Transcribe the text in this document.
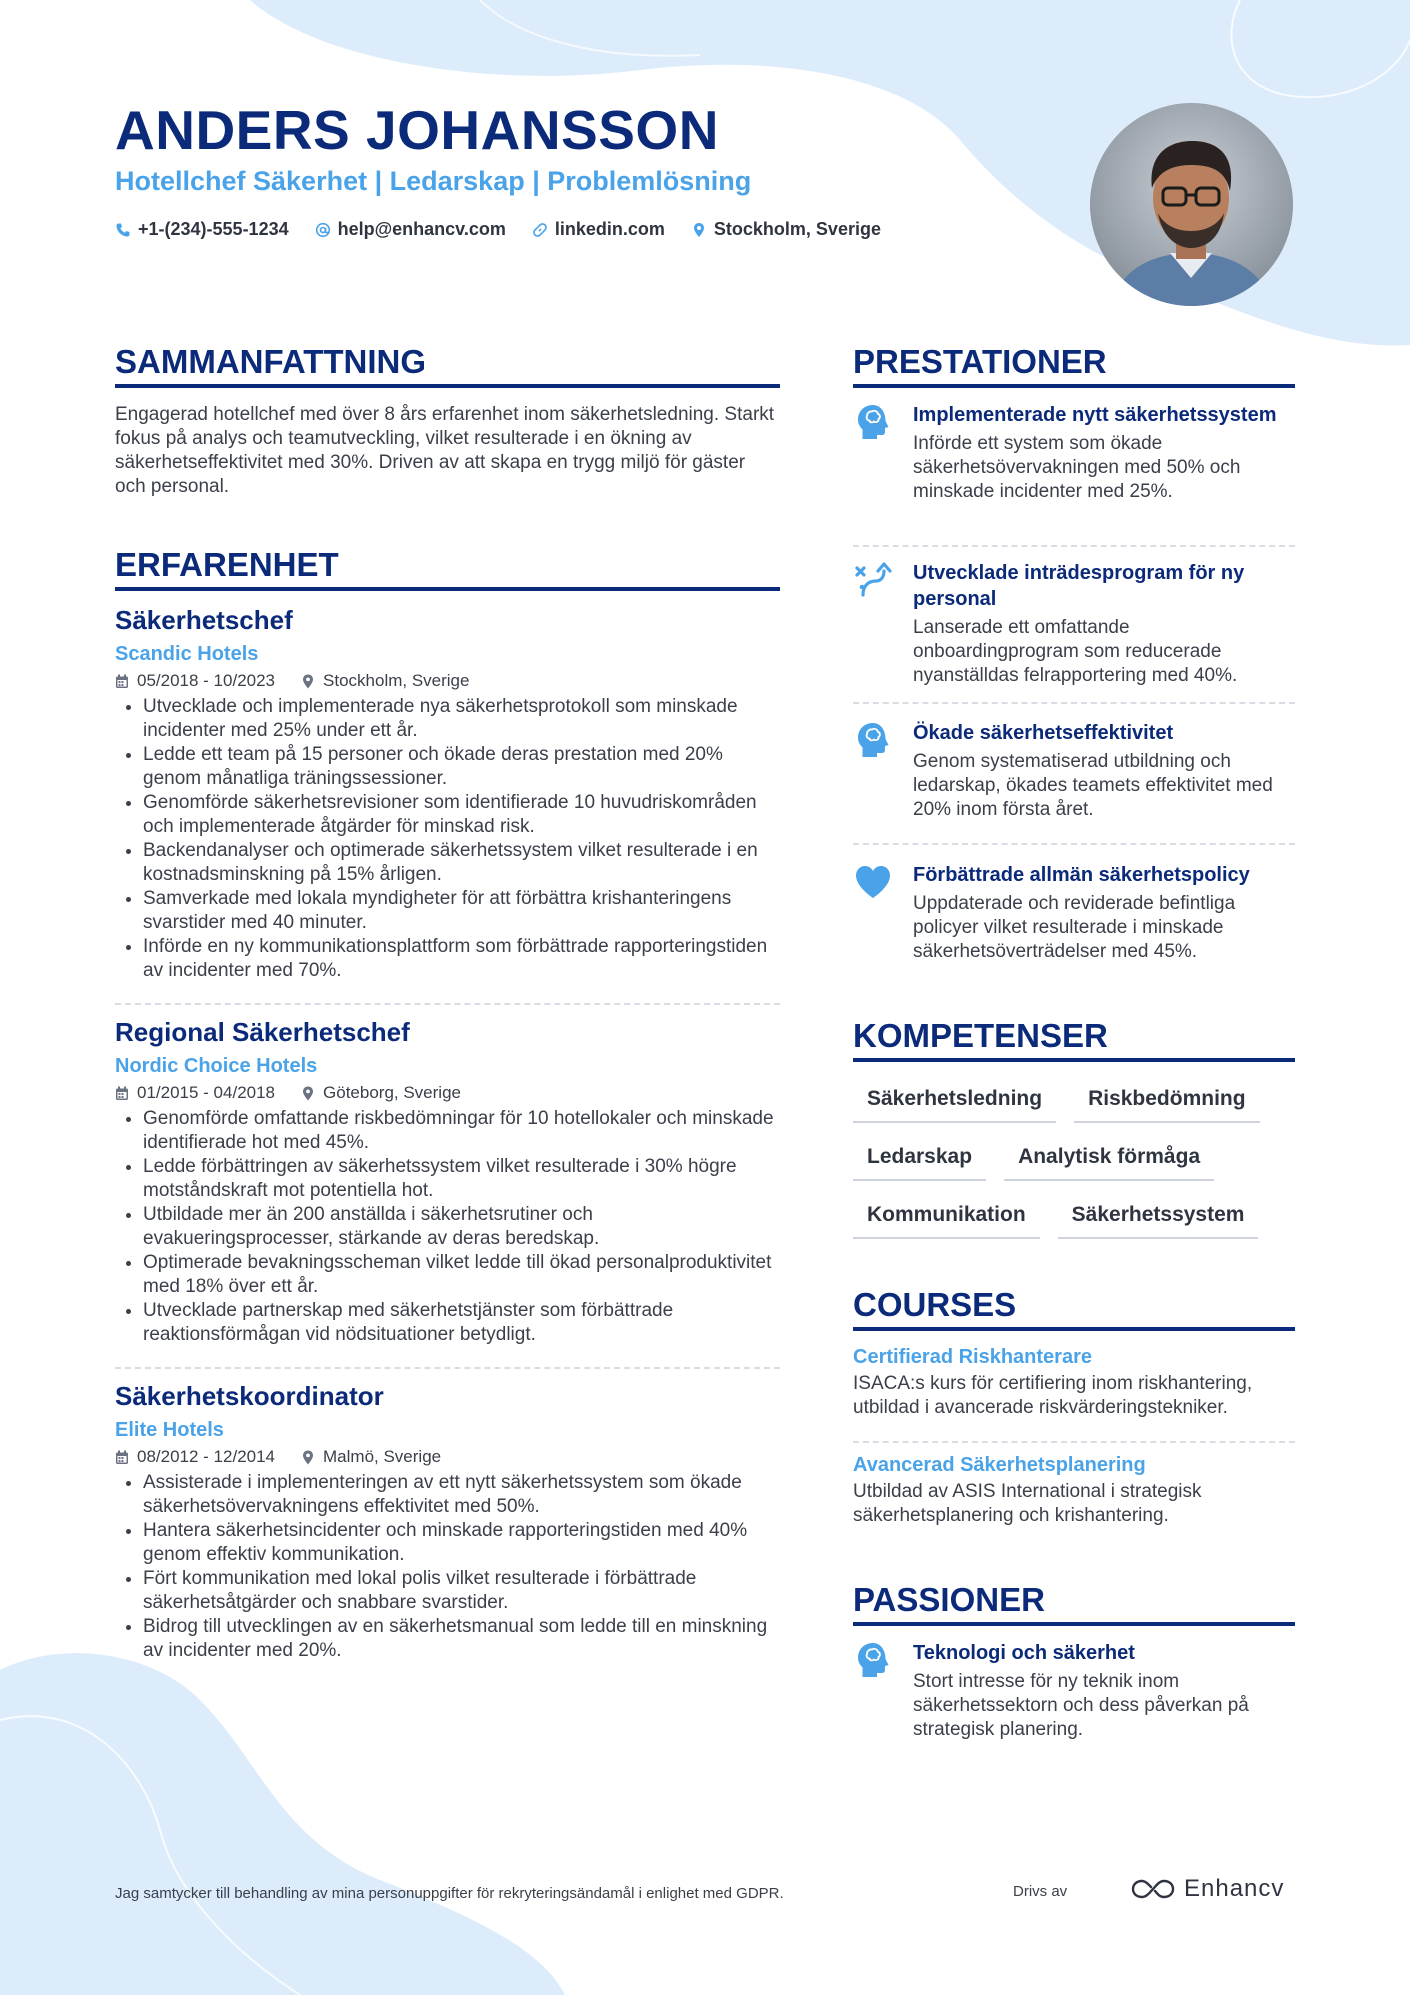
ANDERS JOHANSSON
Hotellchef Säkerhet | Ledarskap | Problemlösning
+1-(234)-555-1234	help@enhancv.com	linkedin.com	Stockholm, Sverige
SAMMANFATTNING
Engagerad hotellchef med över 8 års erfarenhet inom säkerhetsledning. Starkt fokus på analys och teamutveckling, vilket resulterade i en ökning av säkerhetseffektivitet med 30%. Driven av att skapa en trygg miljö för gäster och personal.
ERFARENHET
Säkerhetschef
Scandic Hotels
05/2018 - 10/2023	Stockholm, Sverige
• Utvecklade och implementerade nya säkerhetsprotokoll som minskade incidenter med 25% under ett år.
• Ledde ett team på 15 personer och ökade deras prestation med 20% genom månatliga träningssessioner.
• Genomförde säkerhetsrevisioner som identifierade 10 huvudriskområden och implementerade åtgärder för minskad risk.
• Backendanalyser och optimerade säkerhetssystem vilket resulterade i en kostnadsminskning på 15% årligen.
• Samverkade med lokala myndigheter för att förbättra krishanteringens svarstider med 40 minuter.
• Införde en ny kommunikationsplattform som förbättrade rapporteringstiden av incidenter med 70%.
Regional Säkerhetschef
Nordic Choice Hotels
01/2015 - 04/2018	Göteborg, Sverige
• Genomförde omfattande riskbedömningar för 10 hotellokaler och minskade identifierade hot med 45%.
• Ledde förbättringen av säkerhetssystem vilket resulterade i 30% högre motståndskraft mot potentiella hot.
• Utbildade mer än 200 anställda i säkerhetsrutiner och evakueringsprocesser, stärkande av deras beredskap.
• Optimerade bevakningsscheman vilket ledde till ökad personalproduktivitet med 18% över ett år.
• Utvecklade partnerskap med säkerhetstjänster som förbättrade reaktionsförmågan vid nödsituationer betydligt.
Säkerhetskoordinator
Elite Hotels
08/2012 - 12/2014	Malmö, Sverige
• Assisterade i implementeringen av ett nytt säkerhetssystem som ökade säkerhetsövervakningens effektivitet med 50%.
• Hantera säkerhetsincidenter och minskade rapporteringstiden med 40% genom effektiv kommunikation.
• Fört kommunikation med lokal polis vilket resulterade i förbättrade säkerhetsåtgärder och snabbare svarstider.
• Bidrog till utvecklingen av en säkerhetsmanual som ledde till en minskning av incidenter med 20%.
PRESTATIONER
Implementerade nytt säkerhetssystem
Införde ett system som ökade säkerhetsövervakningen med 50% och minskade incidenter med 25%.
Utvecklade inträdesprogram för ny personal
Lanserade ett omfattande onboardingprogram som reducerade nyanställdas felrapportering med 40%.
Ökade säkerhetseffektivitet
Genom systematiserad utbildning och ledarskap, ökades teamets effektivitet med 20% inom första året.
Förbättrade allmän säkerhetspolicy
Uppdaterade och reviderade befintliga policyer vilket resulterade i minskade säkerhetsöverträdelser med 45%.
KOMPETENSER
Säkerhetsledning	Riskbedömning
Ledarskap	Analytisk förmåga
Kommunikation	Säkerhetssystem
COURSES
Certifierad Riskhanterare
ISACA:s kurs för certifiering inom riskhantering, utbildad i avancerade riskvärderingstekniker.
Avancerad Säkerhetsplanering
Utbildad av ASIS International i strategisk säkerhetsplanering och krishantering.
PASSIONER
Teknologi och säkerhet
Stort intresse för ny teknik inom säkerhetssektorn och dess påverkan på strategisk planering.
Jag samtycker till behandling av mina personuppgifter för rekryteringsändamål i enlighet med GDPR.	Drivs av	Enhancv
